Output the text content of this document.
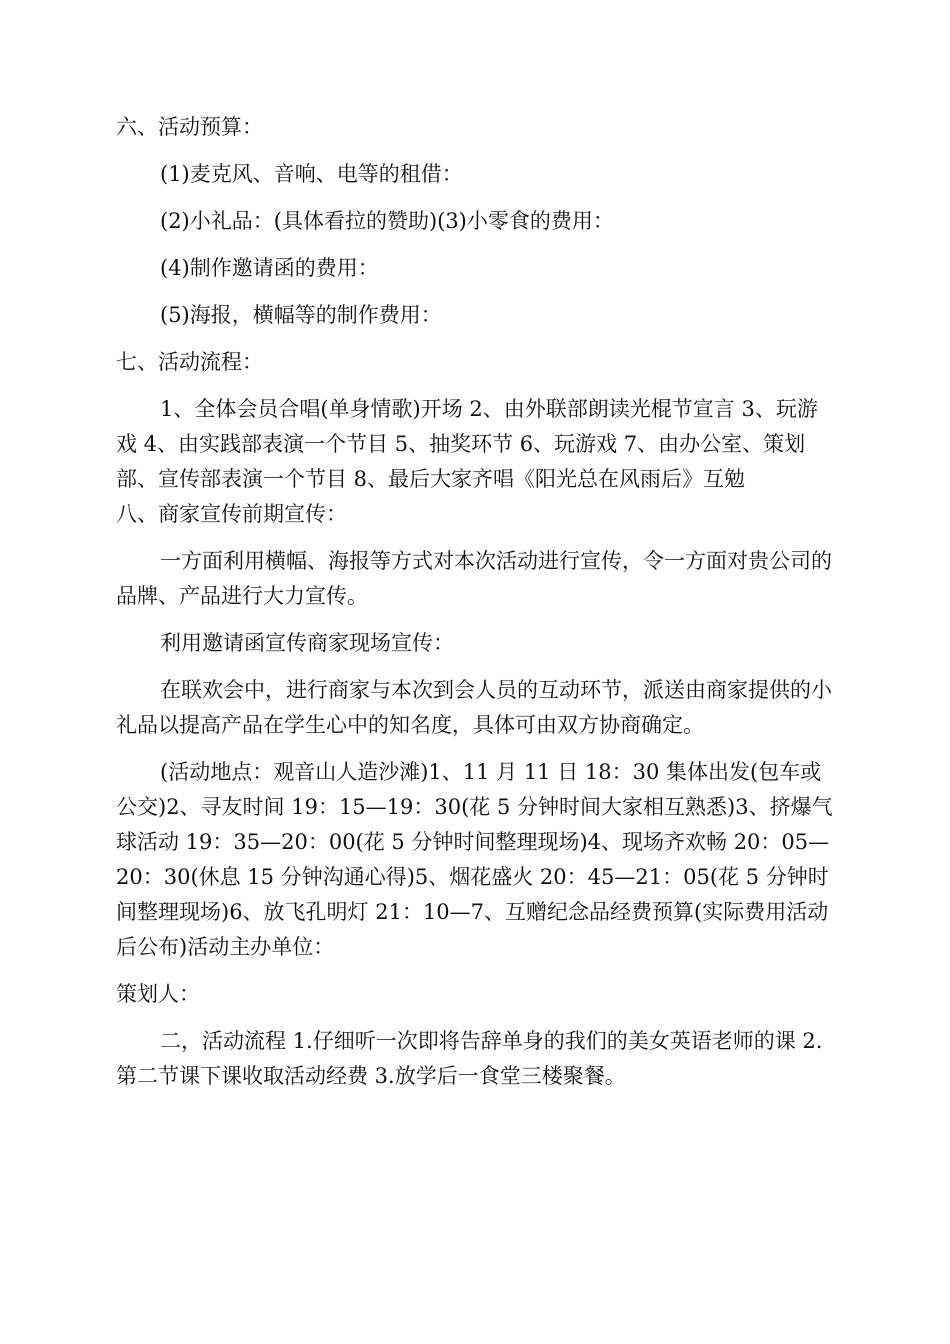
六、活动预算：

(1)麦克风、音响、电等的租借：

(2)小礼品：(具体看拉的赞助)(3)小零食的费用：

(4)制作邀请函的费用：

(5)海报，横幅等的制作费用：

七、活动流程：

1、全体会员合唱(单身情歌)开场 2、由外联部朗读光棍节宣言 3、玩游戏 4、由实践部表演一个节目 5、抽奖环节 6、玩游戏 7、由办公室、策划部、宣传部表演一个节目 8、最后大家齐唱《阳光总在风雨后》互勉

八、商家宣传前期宣传：

一方面利用横幅、海报等方式对本次活动进行宣传，令一方面对贵公司的品牌、产品进行大力宣传。

利用邀请函宣传商家现场宣传：

在联欢会中，进行商家与本次到会人员的互动环节，派送由商家提供的小礼品以提高产品在学生心中的知名度，具体可由双方协商确定。

(活动地点：观音山人造沙滩)1、11 月 11 日 18：30 集体出发(包车或公交)2、寻友时间 19：15—19：30(花 5 分钟时间大家相互熟悉)3、挤爆气球活动 19：35—20：00(花 5 分钟时间整理现场)4、现场齐欢畅 20：05—20：30(休息 15 分钟沟通心得)5、烟花盛火 20：45—21：05(花 5 分钟时间整理现场)6、放飞孔明灯 21：10—7、互赠纪念品经费预算(实际费用活动后公布)活动主办单位：

策划人：

二，活动流程 1.仔细听一次即将告辞单身的我们的美女英语老师的课 2.第二节课下课收取活动经费 3.放学后一食堂三楼聚餐。
